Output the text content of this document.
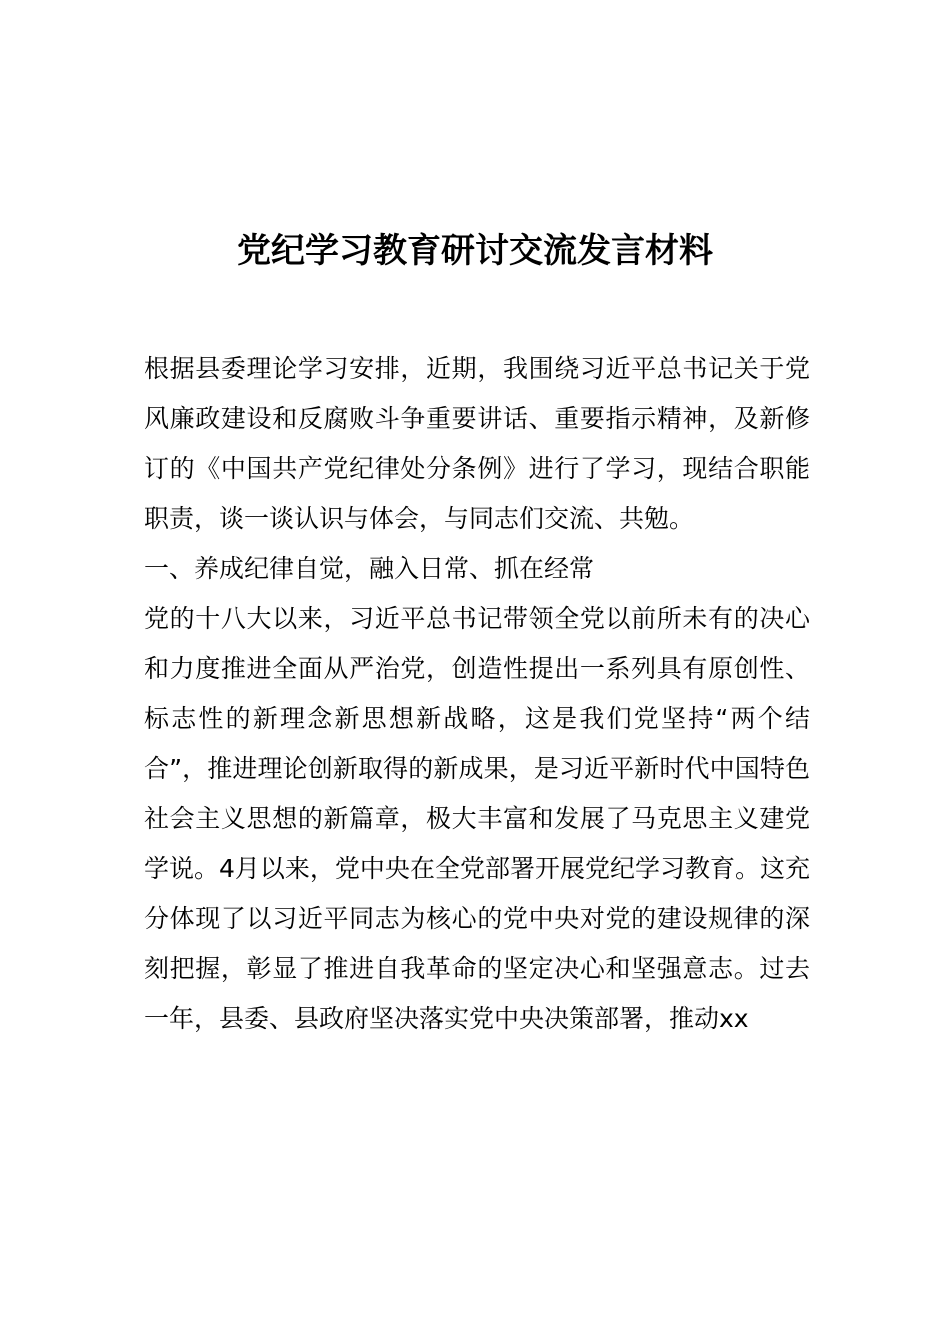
党纪学习教育研讨交流发言材料

根据县委理论学习安排，近期，我围绕习近平总书记关于党风廉政建设和反腐败斗争重要讲话、重要指示精神，及新修订的《中国共产党纪律处分条例》进行了学习，现结合职能职责，谈一谈认识与体会，与同志们交流、共勉。

一、养成纪律自觉，融入日常、抓在经常

党的十八大以来，习近平总书记带领全党以前所未有的决心和力度推进全面从严治党，创造性提出一系列具有原创性、标志性的新理念新思想新战略，这是我们党坚持“两个结合”，推进理论创新取得的新成果，是习近平新时代中国特色社会主义思想的新篇章，极大丰富和发展了马克思主义建党学说。4月以来，党中央在全党部署开展党纪学习教育。这充分体现了以习近平同志为核心的党中央对党的建设规律的深刻把握，彰显了推进自我革命的坚定决心和坚强意志。过去一年，县委、县政府坚决落实党中央决策部署，推动xx
